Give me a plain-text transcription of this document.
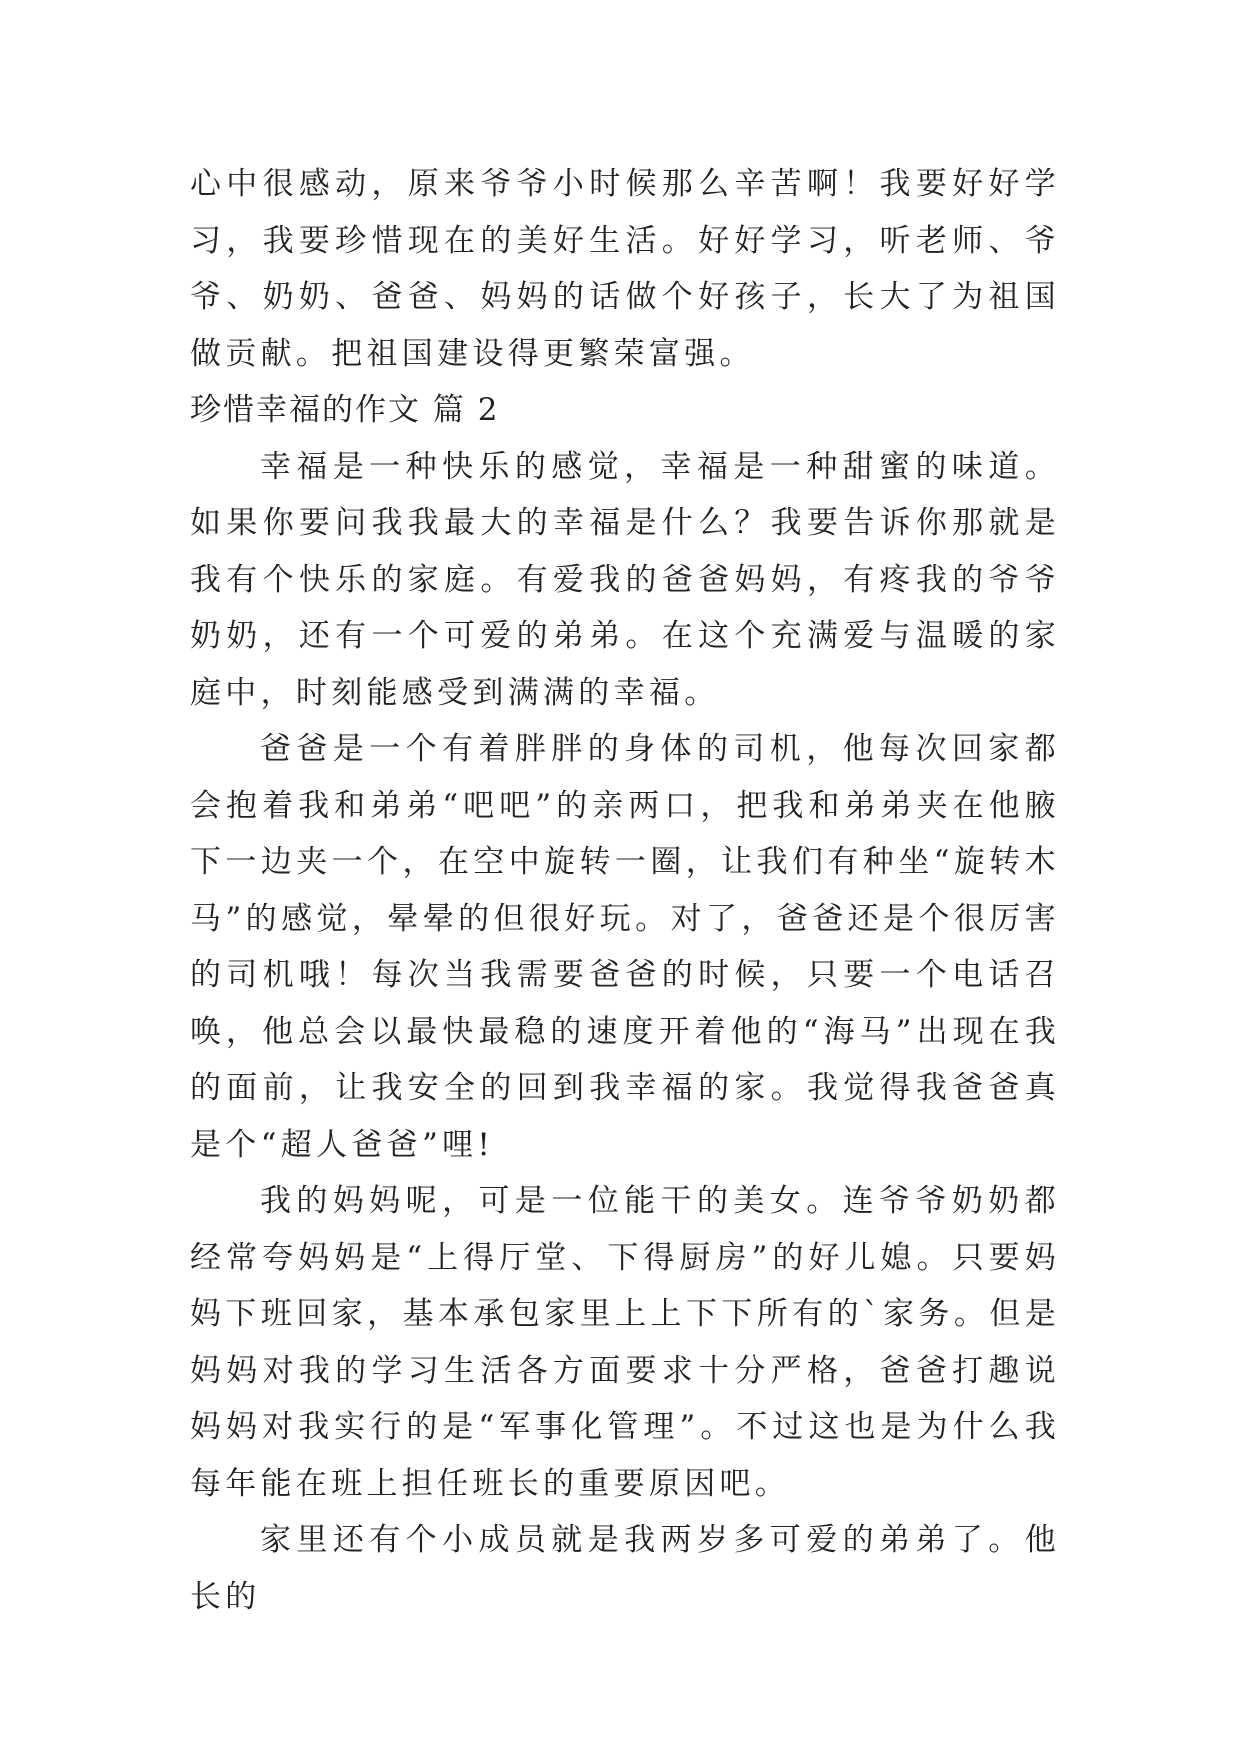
心中很感动，原来爷爷小时候那么辛苦啊！我要好好学习，我要珍惜现在的美好生活。好好学习，听老师、爷爷、奶奶、爸爸、妈妈的话做个好孩子，长大了为祖国做贡献。把祖国建设得更繁荣富强。

珍惜幸福的作文 篇 2

幸福是一种快乐的感觉，幸福是一种甜蜜的味道。如果你要问我我最大的幸福是什么？我要告诉你那就是我有个快乐的家庭。有爱我的爸爸妈妈，有疼我的爷爷奶奶，还有一个可爱的弟弟。在这个充满爱与温暖的家庭中，时刻能感受到满满的幸福。

爸爸是一个有着胖胖的身体的司机，他每次回家都会抱着我和弟弟“吧吧”的亲两口，把我和弟弟夹在他腋下一边夹一个，在空中旋转一圈，让我们有种坐“旋转木马”的感觉，晕晕的但很好玩。对了，爸爸还是个很厉害的司机哦！每次当我需要爸爸的时候，只要一个电话召唤，他总会以最快最稳的速度开着他的“海马”出现在我的面前，让我安全的回到我幸福的家。我觉得我爸爸真是个“超人爸爸”哩!

我的妈妈呢，可是一位能干的美女。连爷爷奶奶都经常夸妈妈是“上得厅堂、下得厨房”的好儿媳。只要妈妈下班回家，基本承包家里上上下下所有的`家务。但是妈妈对我的学习生活各方面要求十分严格，爸爸打趣说妈妈对我实行的是“军事化管理”。不过这也是为什么我每年能在班上担任班长的重要原因吧。

家里还有个小成员就是我两岁多可爱的弟弟了。他长的
